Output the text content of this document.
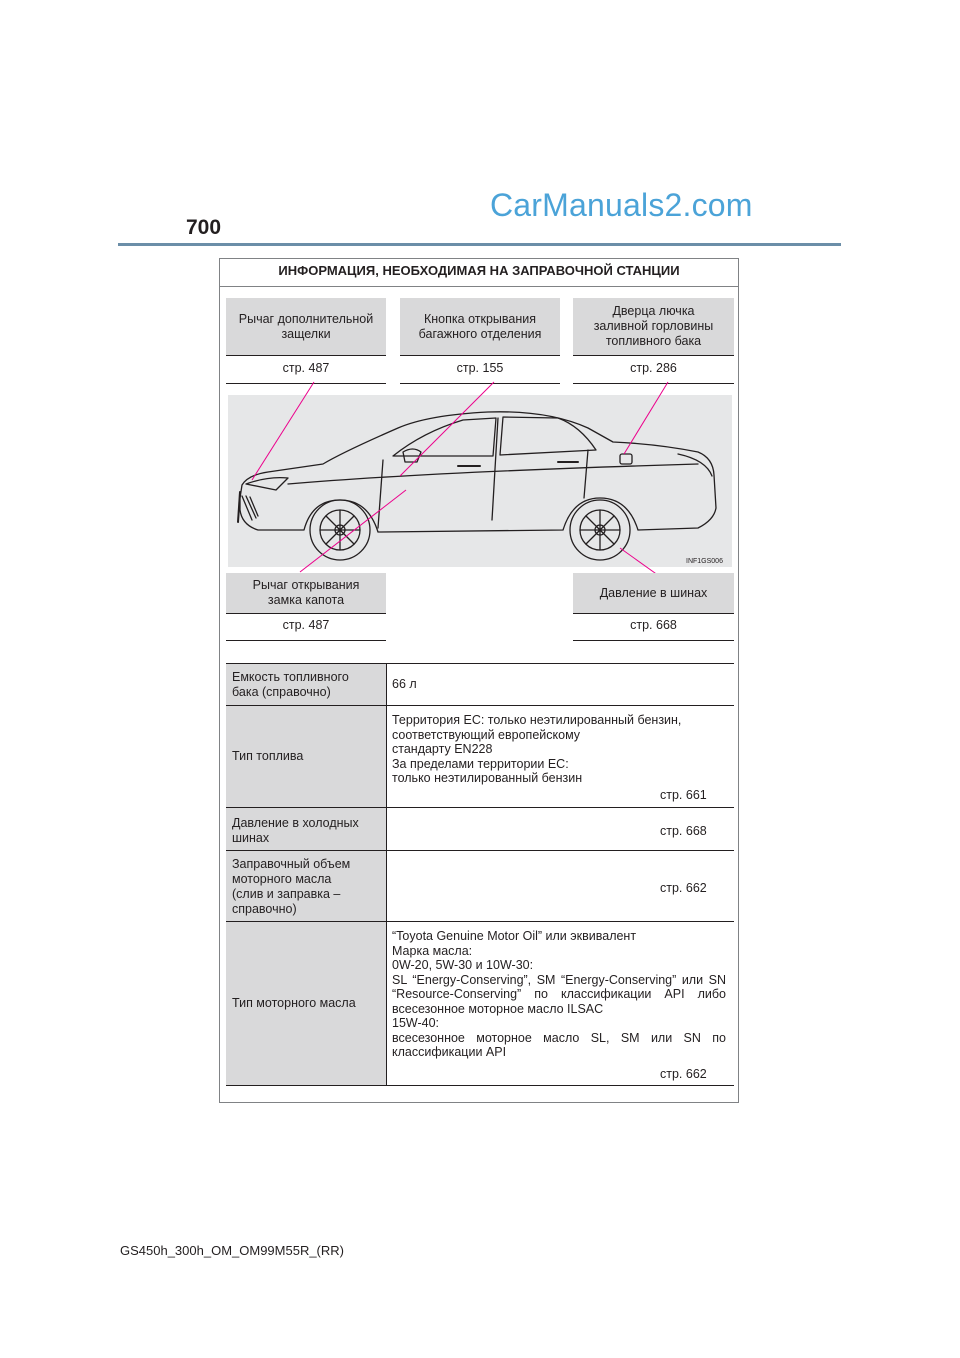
700
CarManuals2.com
ИНФОРМАЦИЯ, НЕОБХОДИМАЯ НА ЗАПРАВОЧНОЙ СТАНЦИИ
Рычаг дополнительной
защелки
стр. 487
Кнопка открывания
багажного отделения
стр. 155
Дверца лючка
заливной горловины
топливного бака
стр. 286
INF1GS006
Рычаг открывания
замка капота
стр. 487
Давление в шинах
стр. 668
Емкость топливного
бака (справочно)
66 л
Тип топлива
Территория ЕС: только неэтилированный бензин,
соответствующий европейскому
стандарту EN228
За пределами территории ЕС:
только неэтилированный бензин
стр. 661
Давление в холодных
шинах	стр. 668
Заправочный объем
моторного масла
(слив и заправка –
справочно)
стр. 662
Тип моторного масла
“Toyota Genuine Motor Oil” или эквивалент
Марка масла:
0W-20, 5W-30 и 10W-30:
SL “Energy-Conserving”, SM “Energy-Conserving” или SN “Resource-Conserving” по классификации API либо всесезонное моторное масло ILSAC
15W-40:
всесезонное моторное масло SL, SM или SN по классификации API
стр. 662
GS450h_300h_OM_OM99M55R_(RR)
